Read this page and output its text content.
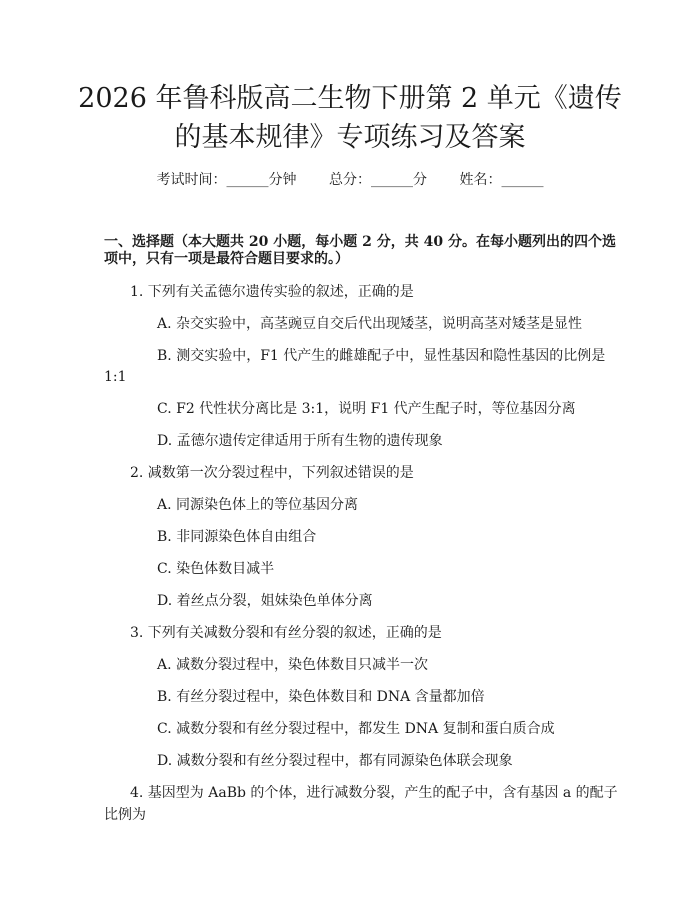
2026 年鲁科版高二生物下册第 2 单元《遗传
的基本规律》专项练习及答案
考试时间：______分钟 总分：______分 姓名：______
一、选择题（本大题共 20 小题，每小题 2 分，共 40 分。在每小题列出的四个选
项中，只有一项是最符合题目要求的。）
1. 下列有关孟德尔遗传实验的叙述，正确的是
A. 杂交实验中，高茎豌豆自交后代出现矮茎，说明高茎对矮茎是显性
B. 测交实验中，F1 代产生的雌雄配子中，显性基因和隐性基因的比例是
1:1
C. F2 代性状分离比是 3:1，说明 F1 代产生配子时，等位基因分离
D. 孟德尔遗传定律适用于所有生物的遗传现象
2. 减数第一次分裂过程中，下列叙述错误的是
A. 同源染色体上的等位基因分离
B. 非同源染色体自由组合
C. 染色体数目减半
D. 着丝点分裂，姐妹染色单体分离
3. 下列有关减数分裂和有丝分裂的叙述，正确的是
A. 减数分裂过程中，染色体数目只减半一次
B. 有丝分裂过程中，染色体数目和 DNA 含量都加倍
C. 减数分裂和有丝分裂过程中，都发生 DNA 复制和蛋白质合成
D. 减数分裂和有丝分裂过程中，都有同源染色体联会现象
4. 基因型为 AaBb 的个体，进行减数分裂，产生的配子中，含有基因 a 的配子
比例为
